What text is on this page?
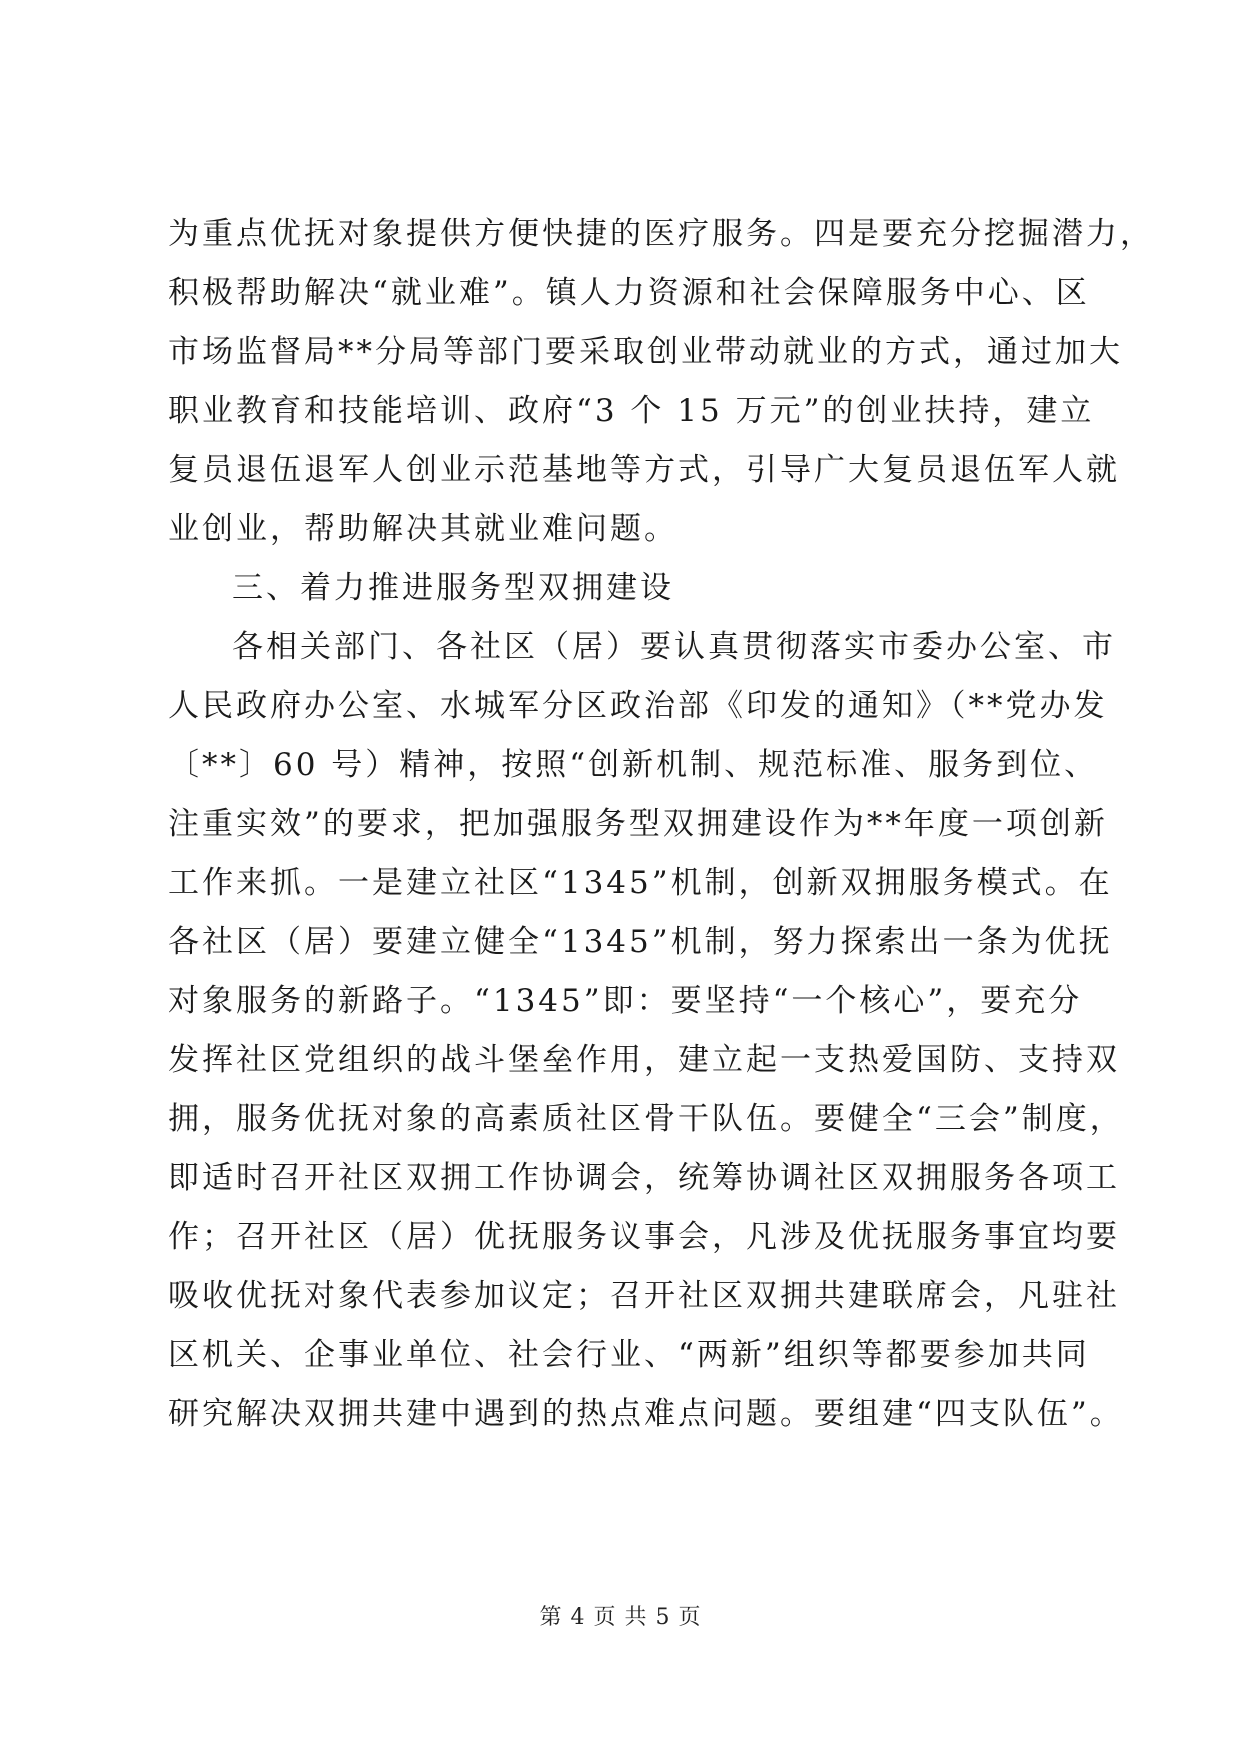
为重点优抚对象提供方便快捷的医疗服务。四是要充分挖掘潜力，
积极帮助解决“就业难”。镇人力资源和社会保障服务中心、区
市场监督局**分局等部门要采取创业带动就业的方式，通过加大
职业教育和技能培训、政府“3 个 15 万元”的创业扶持，建立
复员退伍退军人创业示范基地等方式，引导广大复员退伍军人就
业创业，帮助解决其就业难问题。
三、着力推进服务型双拥建设
各相关部门、各社区（居）要认真贯彻落实市委办公室、市
人民政府办公室、水城军分区政治部《印发的通知》（**党办发
〔**〕60 号）精神，按照“创新机制、规范标准、服务到位、
注重实效”的要求，把加强服务型双拥建设作为**年度一项创新
工作来抓。一是建立社区“1345”机制，创新双拥服务模式。在
各社区（居）要建立健全“1345”机制，努力探索出一条为优抚
对象服务的新路子。“1345”即：要坚持“一个核心”，要充分
发挥社区党组织的战斗堡垒作用，建立起一支热爱国防、支持双
拥，服务优抚对象的高素质社区骨干队伍。要健全“三会”制度，
即适时召开社区双拥工作协调会，统筹协调社区双拥服务各项工
作；召开社区（居）优抚服务议事会，凡涉及优抚服务事宜均要
吸收优抚对象代表参加议定；召开社区双拥共建联席会，凡驻社
区机关、企事业单位、社会行业、“两新”组织等都要参加共同
研究解决双拥共建中遇到的热点难点问题。要组建“四支队伍”。
第 4 页 共 5 页
